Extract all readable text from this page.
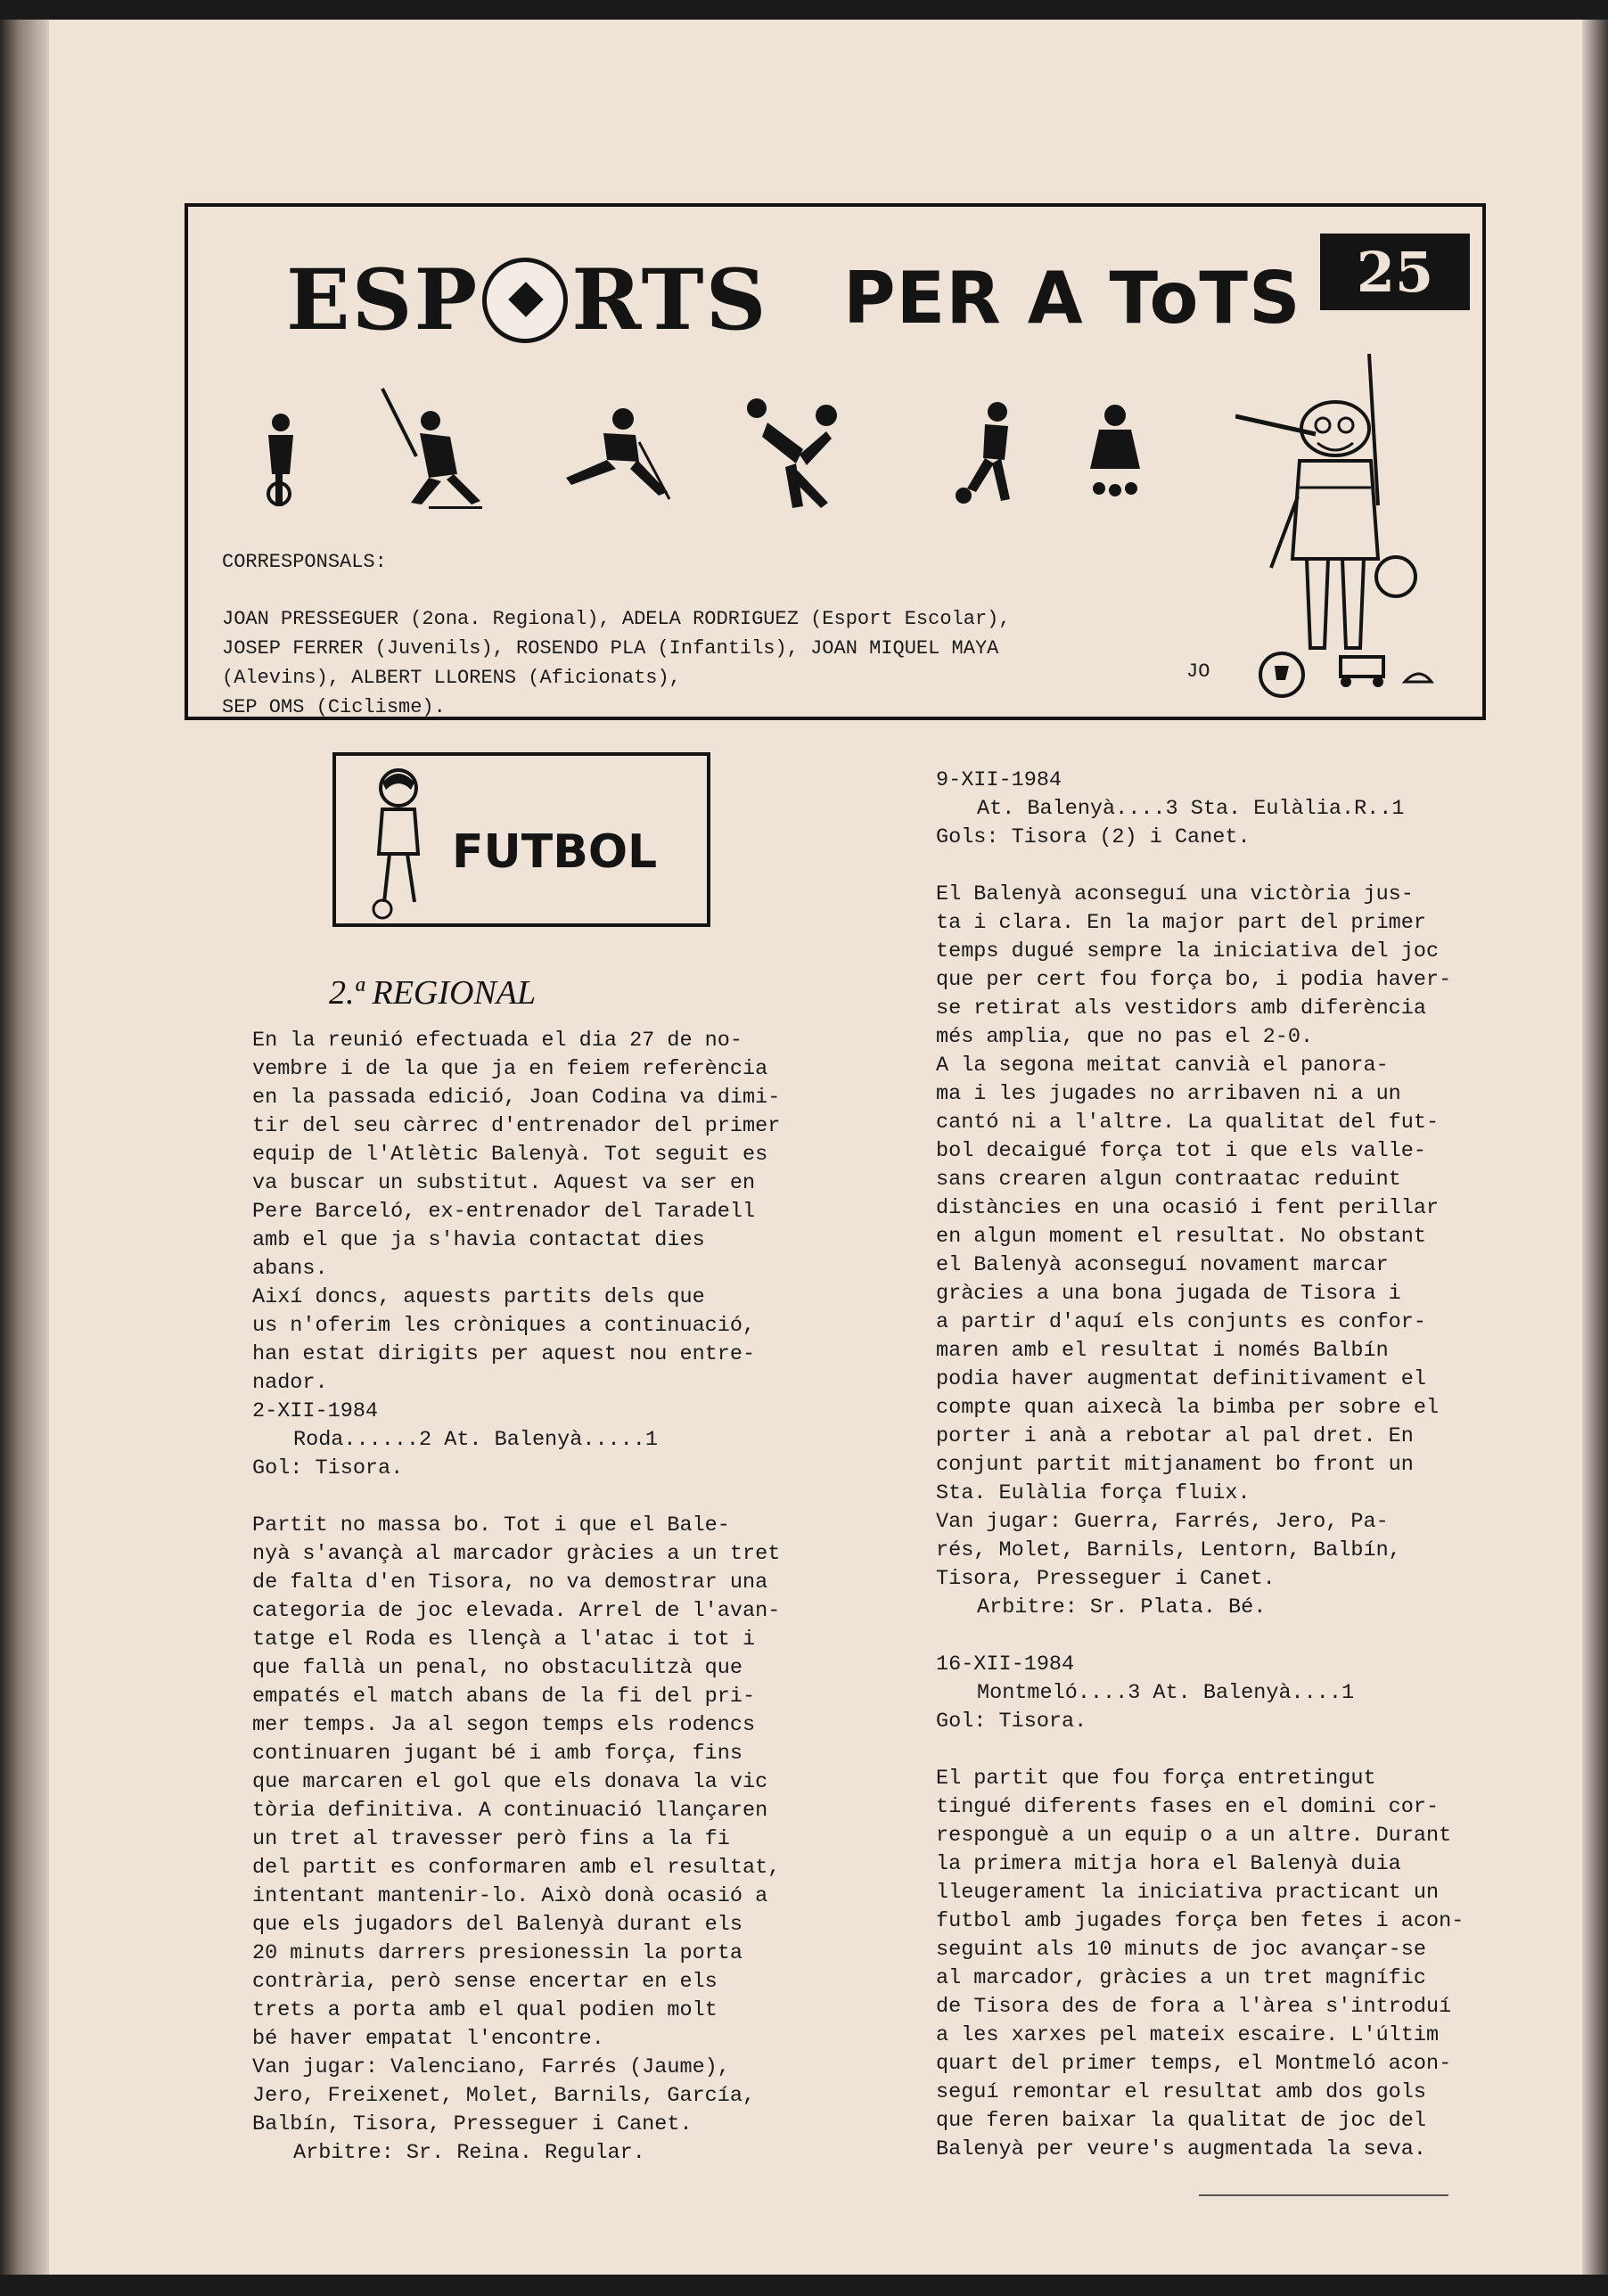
ESP RTS PER A ToTS	25
CORRESPONSALS:
JOAN PRESSEGUER (2ona. Regional), ADELA RODRIGUEZ (Esport Escolar),
JOSEP FERRER (Juvenils), ROSENDO PLA (Infantils), JOAN MIQUEL MAYA
(Alevins), ALBERT LLORENS (Aficionats),
SEP OMS (Ciclisme).
JO
FUTBOL
2.ª REGIONAL

En la reunió efectuada el dia 27 de no-
vembre i de la que ja en feiem referència
en la passada edició, Joan Codina va dimi-
tir del seu càrrec d'entrenador del primer
equip de l'Atlètic Balenyà. Tot seguit es
va buscar un substitut. Aquest va ser en
Pere Barceló, ex-entrenador del Taradell
amb el que ja s'havia contactat dies
abans.

Així doncs, aquests partits dels que
us n'oferim les cròniques a continuació,
han estat dirigits per aquest nou entre-
nador.

2-XII-1984

Roda......2 At. Balenyà.....1

Gol: Tisora.

Partit no massa bo. Tot i que el Bale-
nyà s'avançà al marcador gràcies a un tret
de falta d'en Tisora, no va demostrar una
categoria de joc elevada. Arrel de l'avan-
tatge el Roda es llençà a l'atac i tot i
que fallà un penal, no obstaculitzà que
empatés el match abans de la fi del pri-
mer temps. Ja al segon temps els rodencs
continuaren jugant bé i amb força, fins
que marcaren el gol que els donava la vic
tòria definitiva. A continuació llançaren
un tret al travesser però fins a la fi
del partit es conformaren amb el resultat,
intentant mantenir-lo. Això donà ocasió a
que els jugadors del Balenyà durant els
20 minuts darrers presionessin la porta
contrària, però sense encertar en els
trets a porta amb el qual podien molt
bé haver empatat l'encontre.

Van jugar: Valenciano, Farrés (Jaume),
Jero, Freixenet, Molet, Barnils, García,
Balbín, Tisora, Presseguer i Canet.

Arbitre: Sr. Reina. Regular.

9-XII-1984

At. Balenyà....3 Sta. Eulàlia.R..1

Gols: Tisora (2) i Canet.

El Balenyà aconseguí una victòria jus-
ta i clara. En la major part del primer
temps dugué sempre la iniciativa del joc
que per cert fou força bo, i podia haver-
se retirat als vestidors amb diferència
més amplia, que no pas el 2-0.

A la segona meitat canvià el panora-
ma i les jugades no arribaven ni a un
cantó ni a l'altre. La qualitat del fut-
bol decaigué força tot i que els valle-
sans crearen algun contraatac reduint
distàncies en una ocasió i fent perillar
en algun moment el resultat. No obstant
el Balenyà aconseguí novament marcar
gràcies a una bona jugada de Tisora i
a partir d'aquí els conjunts es confor-
maren amb el resultat i només Balbín
podia haver augmentat definitivament el
compte quan aixecà la bimba per sobre el
porter i anà a rebotar al pal dret. En
conjunt partit mitjanament bo front un
Sta. Eulàlia força fluix.

Van jugar: Guerra, Farrés, Jero, Pa-
rés, Molet, Barnils, Lentorn, Balbín,
Tisora, Presseguer i Canet.

Arbitre: Sr. Plata. Bé.

16-XII-1984

Montmeló....3 At. Balenyà....1

Gol: Tisora.

El partit que fou força entretingut
tingué diferents fases en el domini cor-
responguè a un equip o a un altre. Durant
la primera mitja hora el Balenyà duia
lleugerament la iniciativa practicant un
futbol amb jugades força ben fetes i acon-
seguint als 10 minuts de joc avançar-se
al marcador, gràcies a un tret magnífic
de Tisora des de fora a l'àrea s'introduí
a les xarxes pel mateix escaire. L'últim
quart del primer temps, el Montmeló acon-
seguí remontar el resultat amb dos gols
que feren baixar la qualitat de joc del
Balenyà per veure's augmentada la seva.
